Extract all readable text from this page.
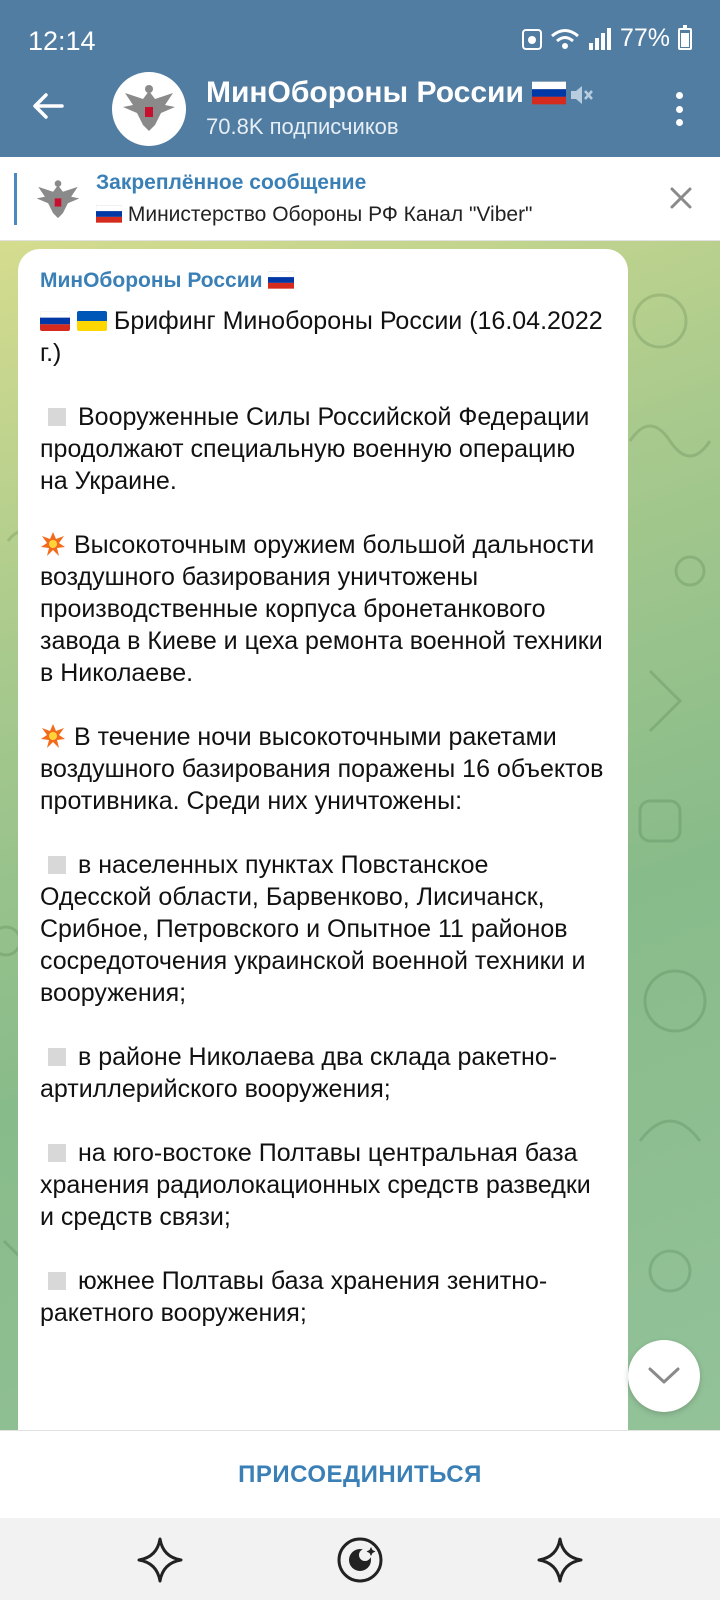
12:14	77%
МинОбороны России
70.8K подписчиков
Закреплённое сообщение
Министерство Обороны РФ Канал "Viber"
МинОбороны России

Брифинг Минобороны России (16.04.2022 г.)

Вооруженные Силы Российской Федерации продолжают специальную военную операцию на Украине.

Высокоточным оружием большой дальности воздушного базирования уничтожены производственные корпуса бронетанкового завода в Киеве и цеха ремонта военной техники в Николаеве.

В течение ночи высокоточными ракетами воздушного базирования поражены 16 объектов противника. Среди них уничтожены:

в населенных пунктах Повстанское Одесской области, Барвенково, Лисичанск, Срибное, Петровского и Опытное 11 районов сосредоточения украинской военной техники и вооружения;

в районе Николаева два склада ракетно-артиллерийского вооружения;

на юго-востоке Полтавы центральная база хранения радиолокационных средств разведки и средств связи;

южнее Полтавы база хранения зенитно-ракетного вооружения;

ПРИСОЕДИНИТЬСЯ
